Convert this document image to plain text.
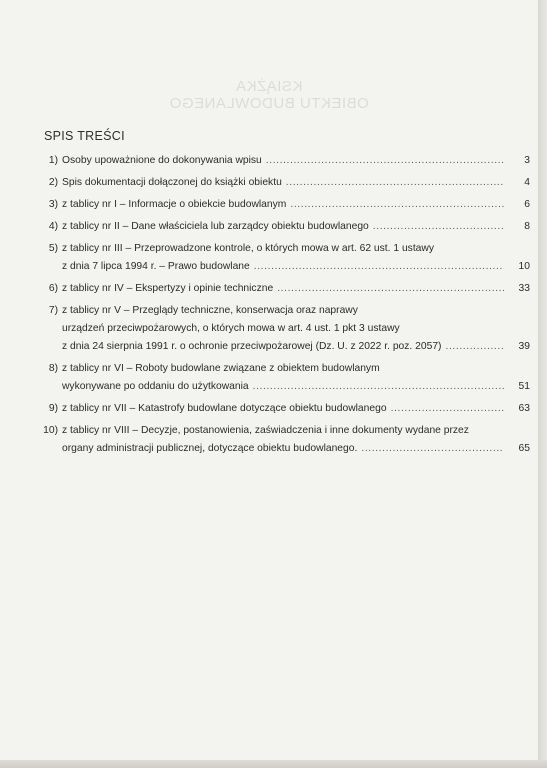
KSIĄŻKA
OBIEKTU BUDOWLANEGO
SPIS TREŚCI
1) Osoby upoważnione do dokonywania wpisu .....	3
2) Spis dokumentacji dołączonej do książki obiektu .....	4
3) z tablicy nr I – Informacje o obiekcie budowlanym .....	6
4) z tablicy nr II – Dane właściciela lub zarządcy obiektu budowlanego .....	8
5) z tablicy nr III – Przeprowadzone kontrole, o których mowa w art. 62 ust. 1 ustawy
z dnia 7 lipca 1994 r. – Prawo budowlane .....	10
6) z tablicy nr IV – Ekspertyzy i opinie techniczne .....	33
7) z tablicy nr V – Przeglądy techniczne, konserwacja oraz naprawy
urządzeń przeciwpożarowych, o których mowa w art. 4 ust. 1 pkt 3 ustawy
z dnia 24 sierpnia 1991 r. o ochronie przeciwpożarowej (Dz. U. z 2022 r. poz. 2057) .....	39
8) z tablicy nr VI – Roboty budowlane związane z obiektem budowlanym
wykonywane po oddaniu do użytkowania .....	51
9) z tablicy nr VII – Katastrofy budowlane dotyczące obiektu budowlanego .....	63
10) z tablicy nr VIII – Decyzje, postanowienia, zaświadczenia i inne dokumenty wydane przez
organy administracji publicznej, dotyczące obiektu budowlanego. .....	65
